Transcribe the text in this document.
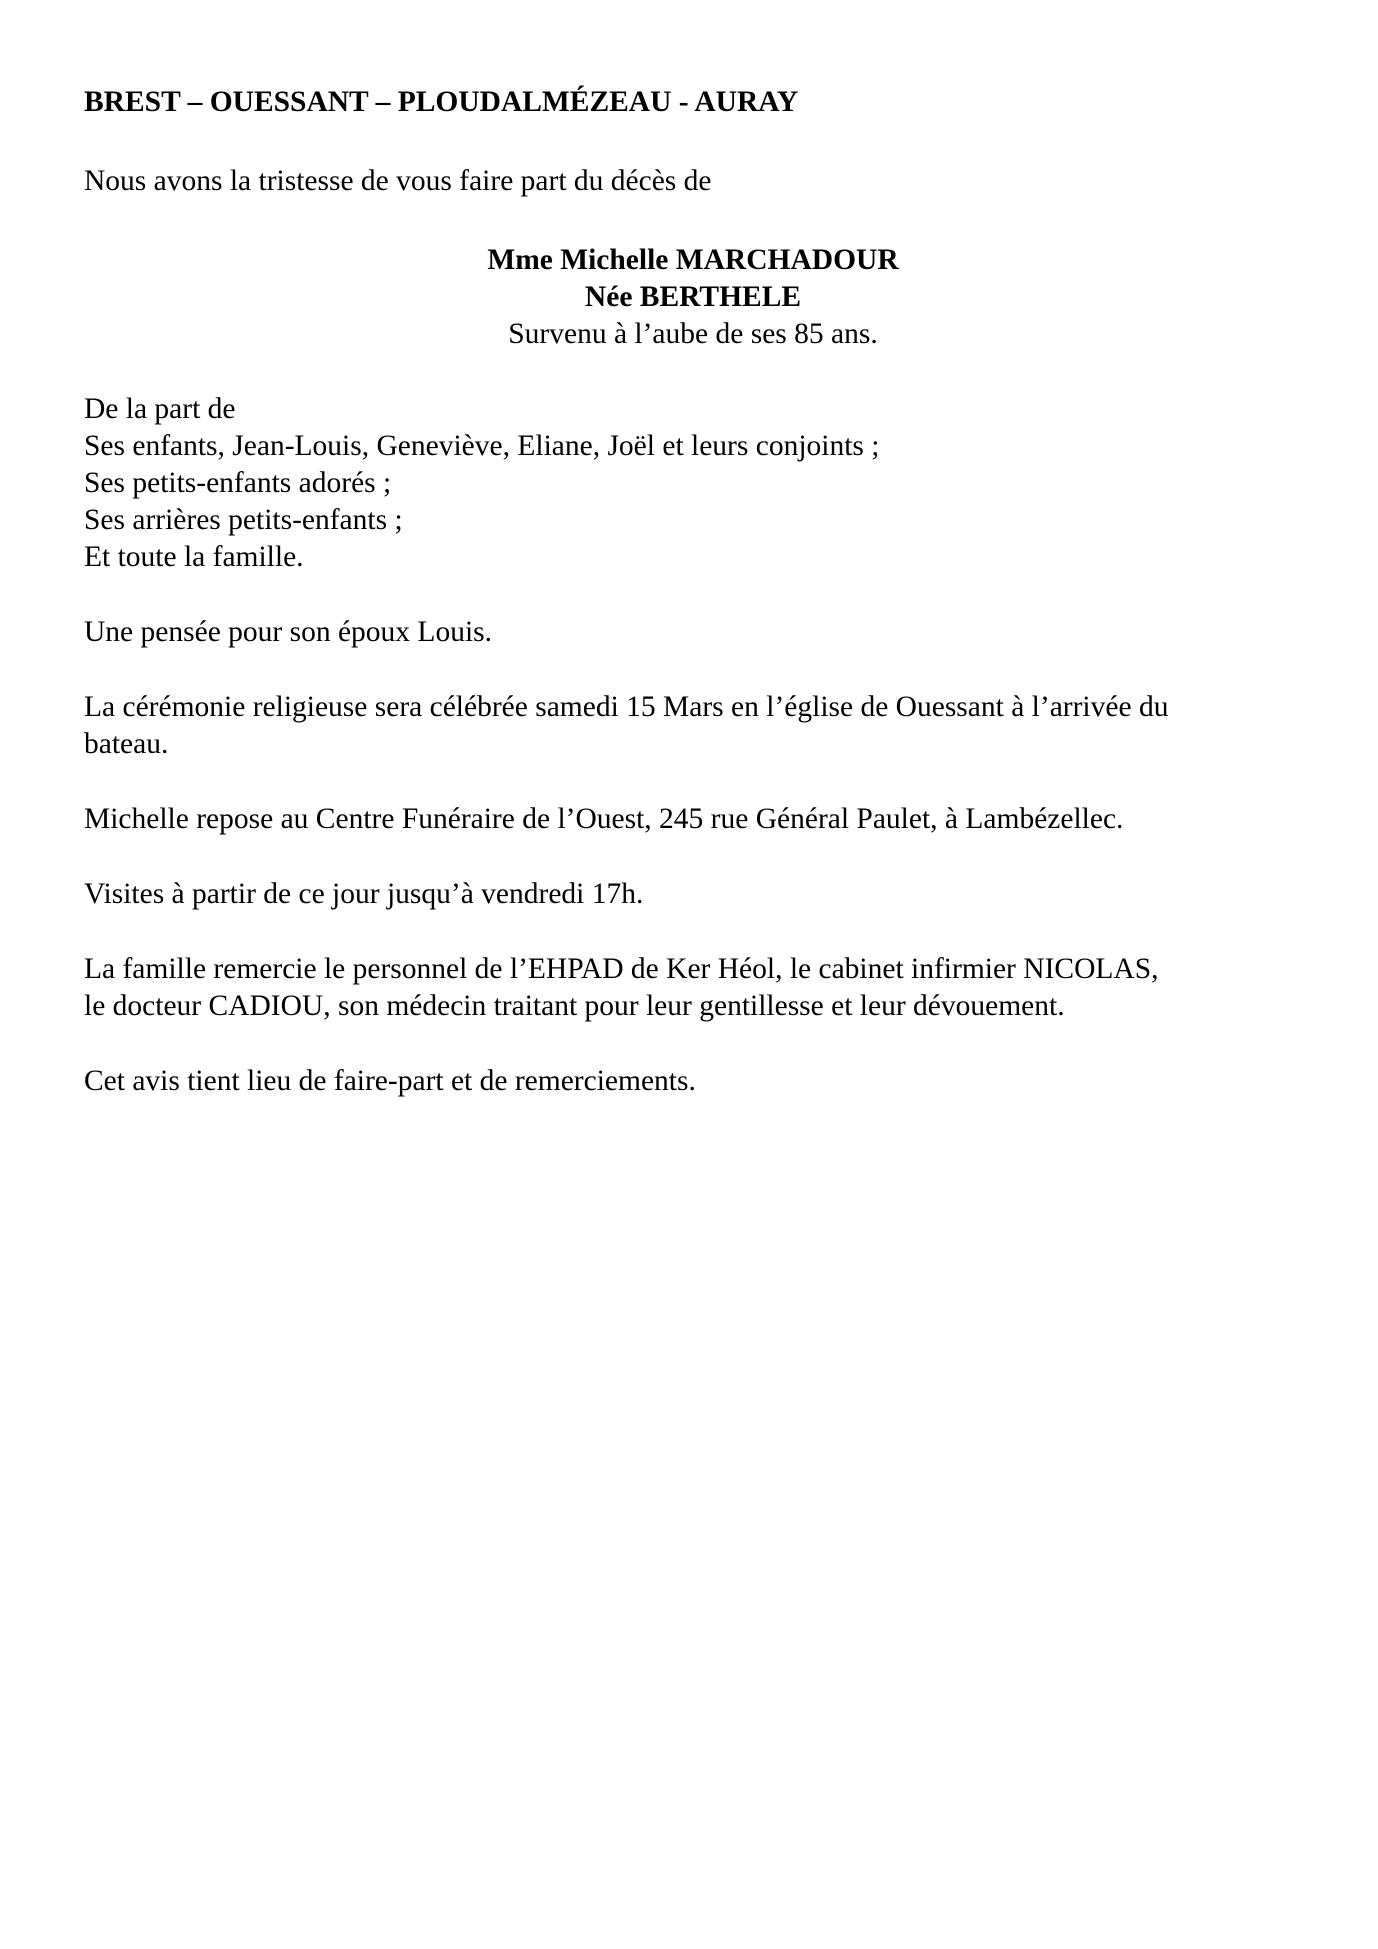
BREST – OUESSANT – PLOUDALMÉZEAU - AURAY

Nous avons la tristesse de vous faire part du décès de

Mme Michelle MARCHADOUR
Née BERTHELE
Survenu à l’aube de ses 85 ans.
De la part de
Ses enfants, Jean-Louis, Geneviève, Eliane, Joël et leurs conjoints ;
Ses petits-enfants adorés ;
Ses arrières petits-enfants ;
Et toute la famille.

Une pensée pour son époux Louis.

La cérémonie religieuse sera célébrée samedi 15 Mars en l’église de Ouessant à l’arrivée du
bateau.

Michelle repose au Centre Funéraire de l’Ouest, 245 rue Général Paulet, à Lambézellec.

Visites à partir de ce jour jusqu’à vendredi 17h.

La famille remercie le personnel de l’EHPAD de Ker Héol, le cabinet infirmier NICOLAS,
le docteur CADIOU, son médecin traitant pour leur gentillesse et leur dévouement.

Cet avis tient lieu de faire-part et de remerciements.
